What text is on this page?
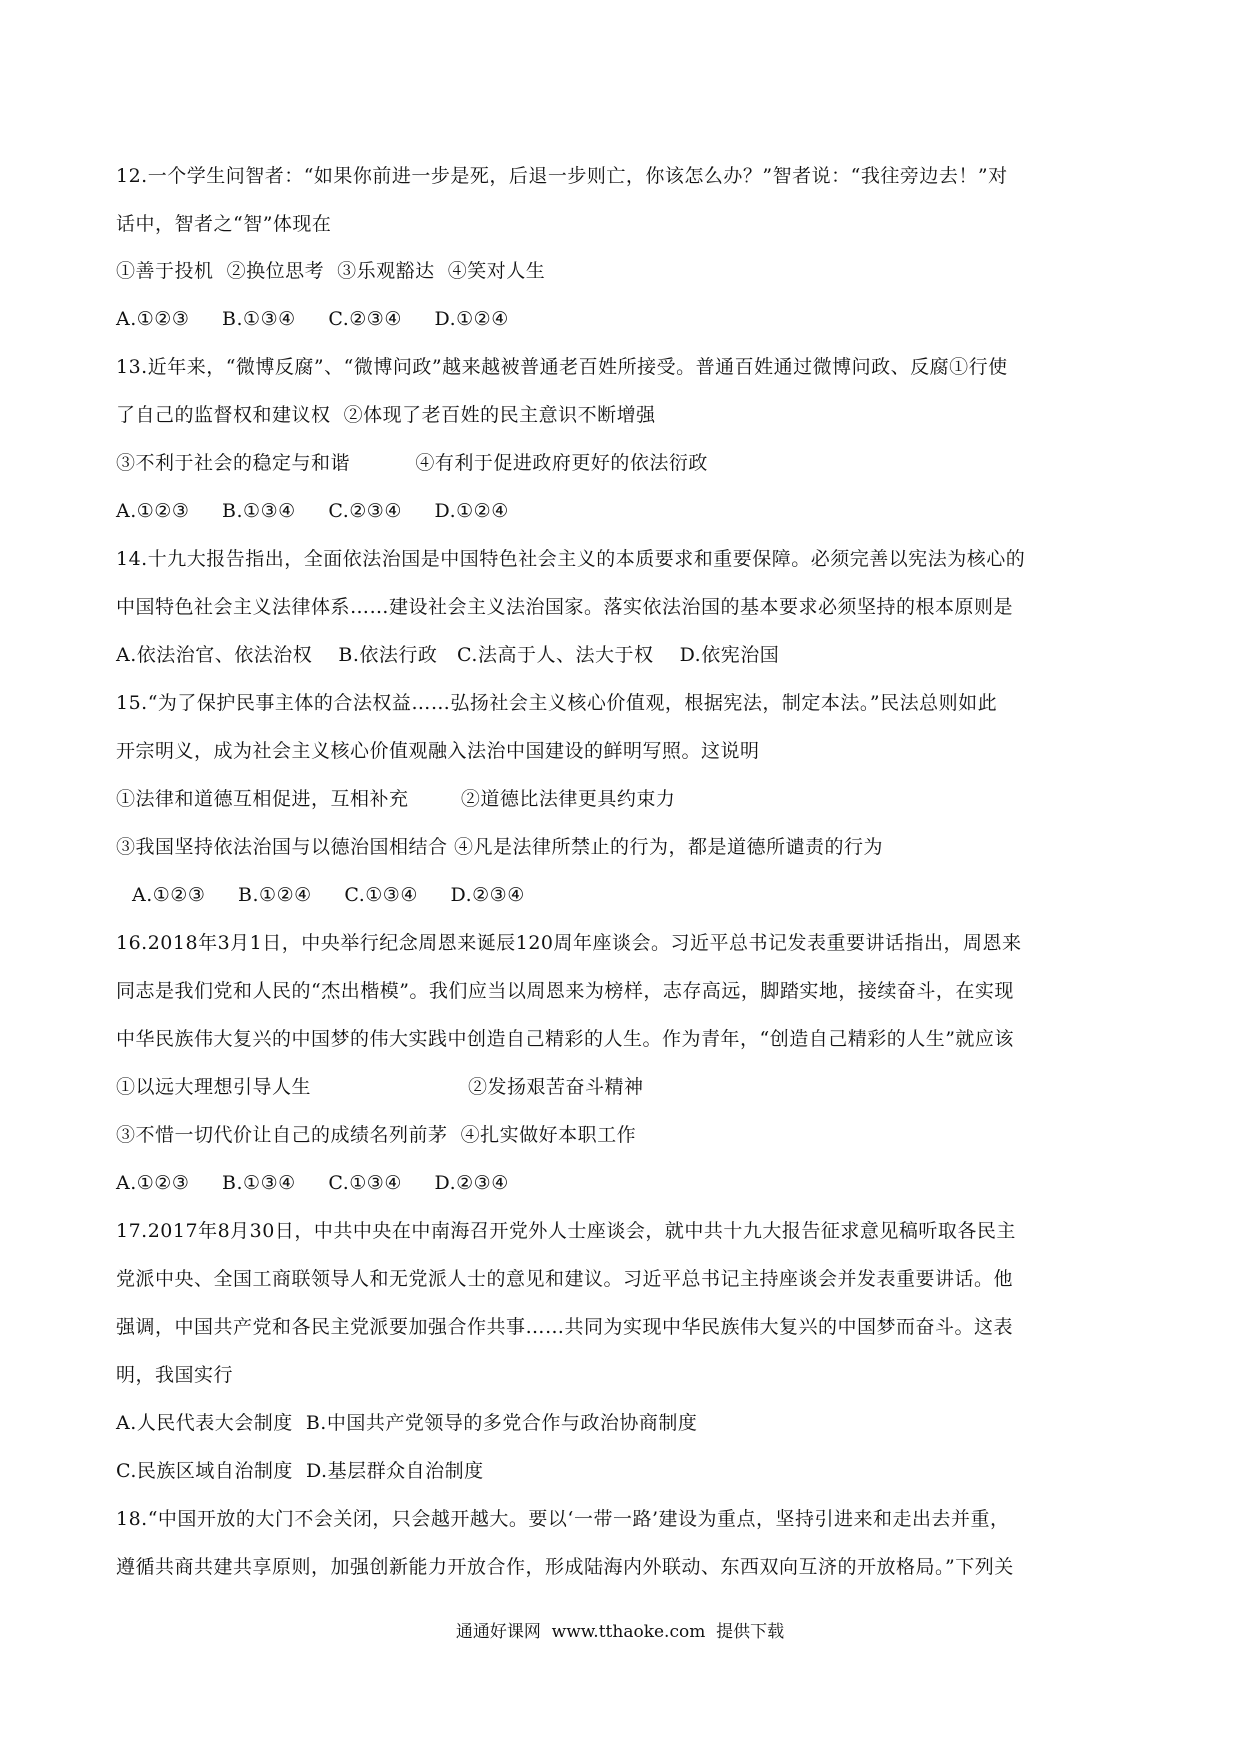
12.一个学生问智者：“如果你前进一步是死，后退一步则亡，你该怎么办？”智者说：“我往旁边去！”对
话中，智者之“智”体现在
①善于投机  ②换位思考  ③乐观豁达  ④笑对人生
A.①②③     B.①③④     C.②③④     D.①②④
13.近年来，“微博反腐”、“微博问政”越来越被普通老百姓所接受。普通百姓通过微博问政、反腐①行使
了自己的监督权和建议权  ②体现了老百姓的民主意识不断增强
③不利于社会的稳定与和谐          ④有利于促进政府更好的依法衍政
A.①②③     B.①③④     C.②③④     D.①②④
14.十九大报告指出，全面依法治国是中国特色社会主义的本质要求和重要保障。必须完善以宪法为核心的
中国特色社会主义法律体系……建设社会主义法治国家。落实依法治国的基本要求必须坚持的根本原则是
A.依法治官、依法治权    B.依法行政   C.法高于人、法大于权    D.依宪治国
15.“为了保护民事主体的合法权益……弘扬社会主义核心价值观，根据宪法，制定本法。”民法总则如此
开宗明义，成为社会主义核心价值观融入法治中国建设的鲜明写照。这说明
①法律和道德互相促进，互相补充        ②道德比法律更具约束力
③我国坚持依法治国与以德治国相结合 ④凡是法律所禁止的行为，都是道德所谴责的行为
A.①②③     B.①②④     C.①③④     D.②③④
16.2018年3月1日，中央举行纪念周恩来诞辰120周年座谈会。习近平总书记发表重要讲话指出，周恩来
同志是我们党和人民的“杰出楷模”。我们应当以周恩来为榜样，志存高远，脚踏实地，接续奋斗，在实现
中华民族伟大复兴的中国梦的伟大实践中创造自己精彩的人生。作为青年，“创造自己精彩的人生”就应该
①以远大理想引导人生                        ②发扬艰苦奋斗精神
③不惜一切代价让自己的成绩名列前茅  ④扎实做好本职工作
A.①②③     B.①③④     C.①③④     D.②③④
17.2017年8月30日，中共中央在中南海召开党外人士座谈会，就中共十九大报告征求意见稿听取各民主
党派中央、全国工商联领导人和无党派人士的意见和建议。习近平总书记主持座谈会并发表重要讲话。他
强调，中国共产党和各民主党派要加强合作共事……共同为实现中华民族伟大复兴的中国梦而奋斗。这表
明，我国实行
A.人民代表大会制度  B.中国共产党领导的多党合作与政治协商制度
C.民族区域自治制度  D.基层群众自治制度
18.“中国开放的大门不会关闭，只会越开越大。要以‘一带一路’建设为重点，坚持引进来和走出去并重，
遵循共商共建共享原则，加强创新能力开放合作，形成陆海内外联动、东西双向互济的开放格局。”下列关
通通好课网  www.tthaoke.com  提供下载
